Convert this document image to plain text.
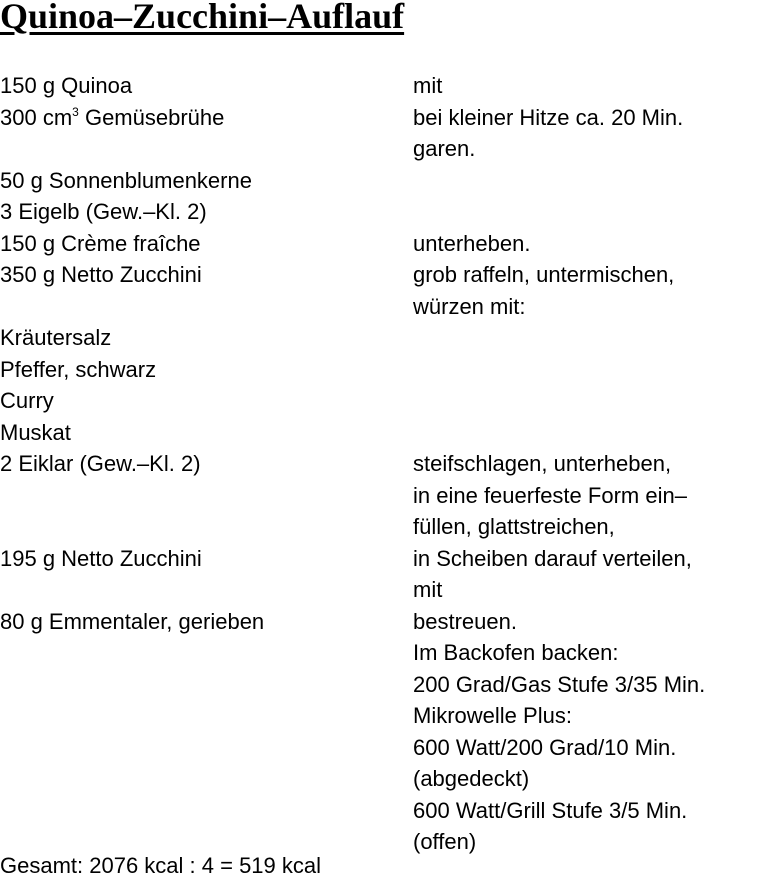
Quinoa–Zucchini–Auflauf
150 g Quinoa	mit
300 $cm^3$ Gemüsebrühe	bei kleiner Hitze ca. 20 Min.
garen.
50 g Sonnenblumenkerne
3 Eigelb (Gew.–Kl. 2)
150 g Crème fraîche	unterheben.
350 g Netto Zucchini	grob raffeln, untermischen,
würzen mit:
Kräutersalz
Pfeffer, schwarz
Curry
Muskat
2 Eiklar (Gew.–Kl. 2)	steifschlagen, unterheben,
in eine feuerfeste Form ein–
füllen, glattstreichen,
195 g Netto Zucchini	in Scheiben darauf verteilen,
mit
80 g Emmentaler, gerieben	bestreuen.
Im Backofen backen:
200 Grad/Gas Stufe 3/35 Min.
Mikrowelle Plus:
600 Watt/200 Grad/10 Min.
(abgedeckt)
600 Watt/Grill Stufe 3/5 Min.
(offen)
Gesamt: 2076 kcal : 4 = 519 kcal
